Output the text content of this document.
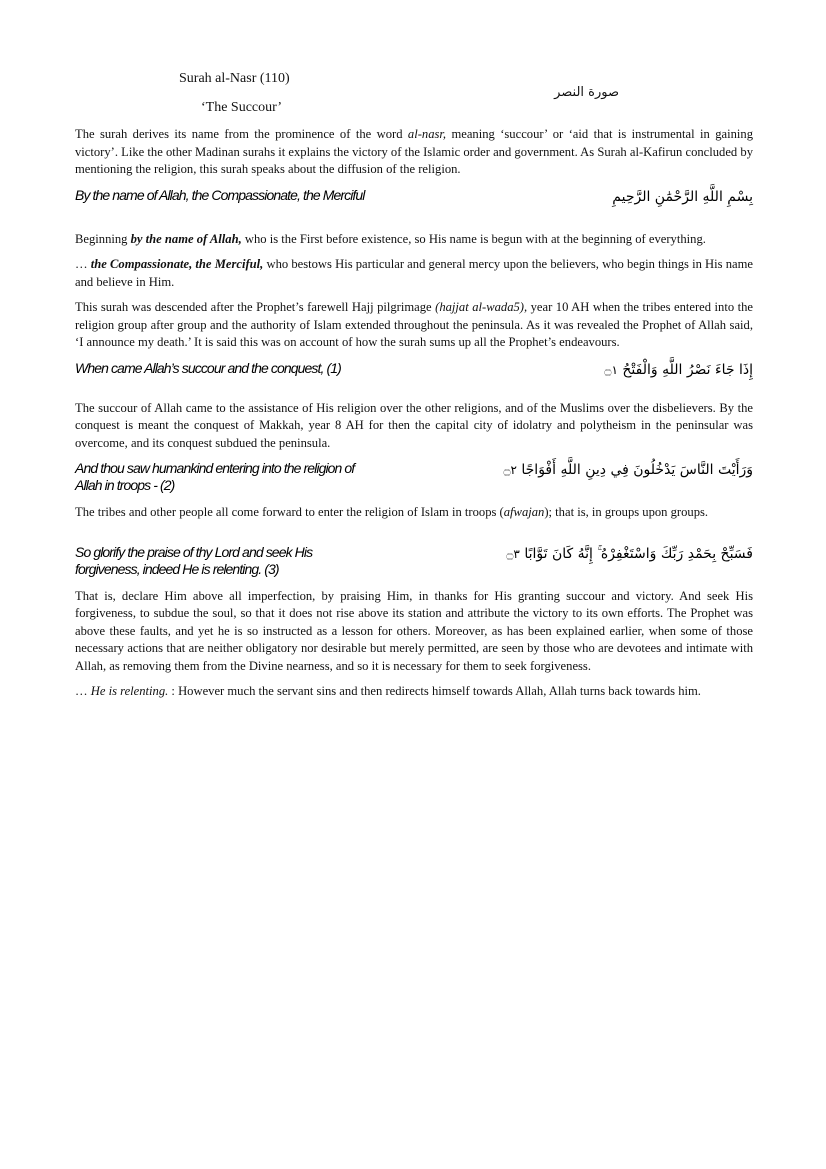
Surah al-Nasr (110)
‘The Succour’
صورة النصر

The surah derives its name from the prominence of the word al-nasr, meaning ‘succour’ or ‘aid that is instrumental in gaining victory’. Like the other Madinan surahs it explains the victory of the Islamic order and government. As Surah al-Kafirun concluded by mentioning the religion, this surah speaks about the diffusion of the religion.

By the name of Allah, the Compassionate, the Merciful	بِسْمِ اللَّهِ الرَّحْمَٰنِ الرَّحِيمِ

Beginning by the name of Allah, who is the First before existence, so His name is begun with at the beginning of everything.

… the Compassionate, the Merciful, who bestows His particular and general mercy upon the believers, who begin things in His name and believe in Him.

This surah was descended after the Prophet’s farewell Hajj pilgrimage (hajjat al-wada5), year 10 AH when the tribes entered into the religion group after group and the authority of Islam extended throughout the peninsula. As it was revealed the Prophet of Allah said, ‘I announce my death.’ It is said this was on account of how the surah sums up all the Prophet’s endeavours.

When came Allah’s succour and the conquest, (1)	إِذَا جَاءَ نَصْرُ اللَّهِ وَالْفَتْحُ ۝١

The succour of Allah came to the assistance of His religion over the other religions, and of the Muslims over the disbelievers. By the conquest is meant the conquest of Makkah, year 8 AH for then the capital city of idolatry and polytheism in the peninsular was overcome, and its conquest subdued the peninsula.

And thou saw humankind entering into the religion of
Allah in troops - (2)
وَرَأَيْتَ النَّاسَ يَدْخُلُونَ فِي دِينِ اللَّهِ أَفْوَاجًا ۝٢

The tribes and other people all come forward to enter the religion of Islam in troops (afwajan); that is, in groups upon groups.

So glorify the praise of thy Lord and seek His
forgiveness, indeed He is relenting. (3)
فَسَبِّحْ بِحَمْدِ رَبِّكَ وَاسْتَغْفِرْهُ ۚ إِنَّهُ كَانَ تَوَّابًا ۝٣

That is, declare Him above all imperfection, by praising Him, in thanks for His granting succour and victory. And seek His forgiveness, to subdue the soul, so that it does not rise above its station and attribute the victory to its own efforts. The Prophet was above these faults, and yet he is so instructed as a lesson for others. Moreover, as has been explained earlier, when some of those necessary actions that are neither obligatory nor desirable but merely permitted, are seen by those who are devotees and intimate with Allah, as removing them from the Divine nearness, and so it is necessary for them to seek forgiveness.

… He is relenting. : However much the servant sins and then redirects himself towards Allah, Allah turns back towards him.
